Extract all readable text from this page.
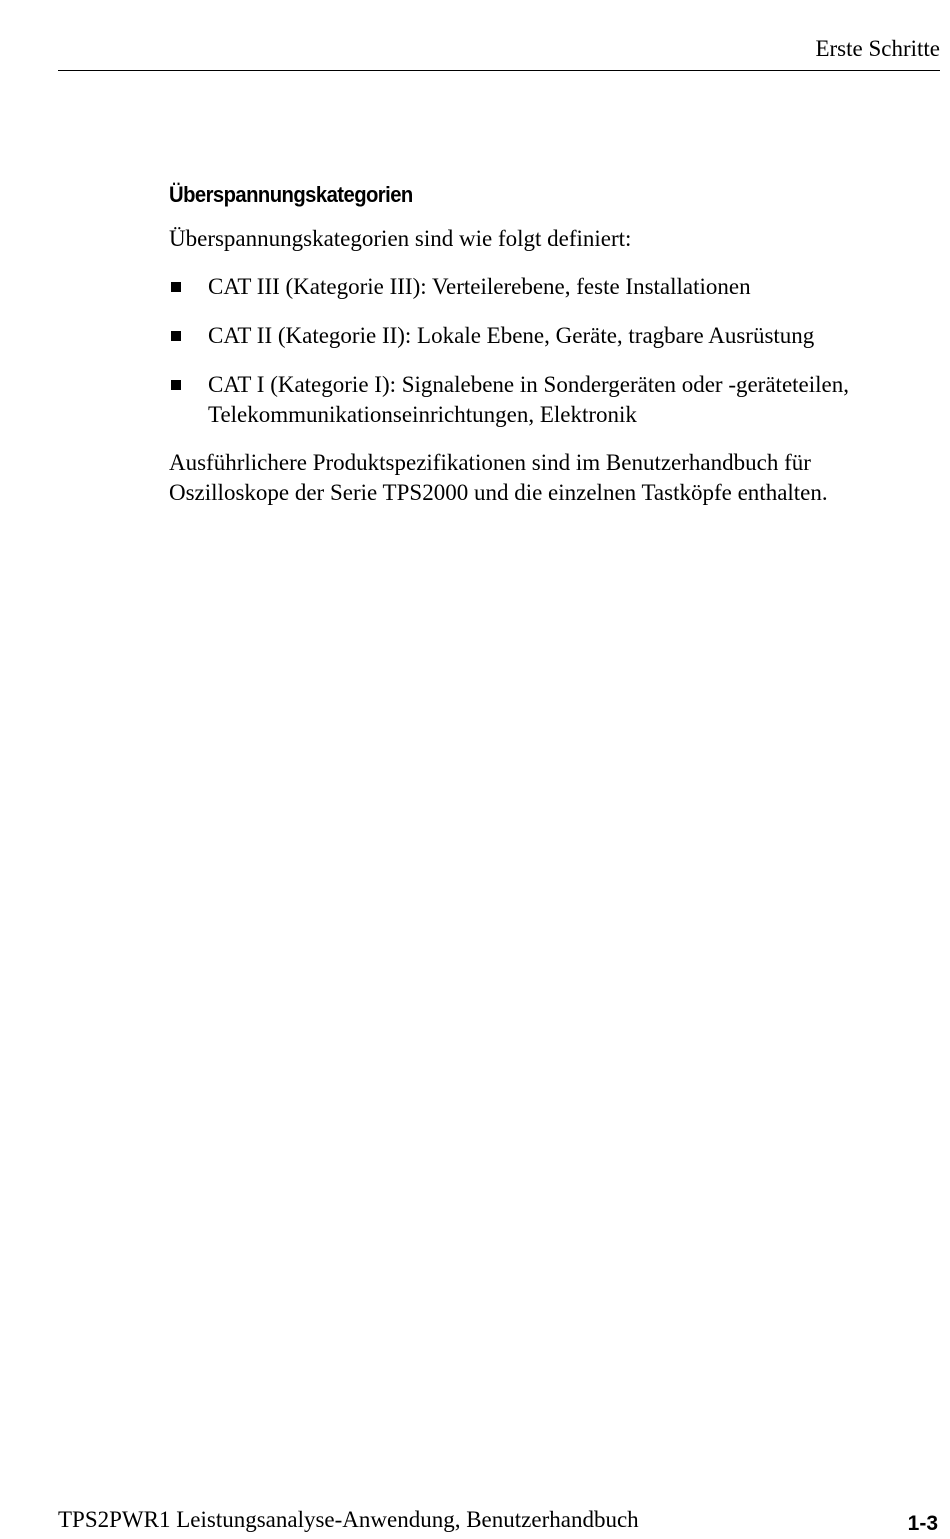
Erste Schritte
Überspannungskategorien

Überspannungskategorien sind wie folgt definiert:

CAT III (Kategorie III): Verteilerebene, feste Installationen
CAT II (Kategorie II): Lokale Ebene, Geräte, tragbare Ausrüstung
CAT I (Kategorie I): Signalebene in Sondergeräten oder -geräteteilen, Telekommunikationseinrichtungen, Elektronik

Ausführlichere Produktspezifikationen sind im Benutzerhandbuch für Oszilloskope der Serie TPS2000 und die einzelnen Tastköpfe enthalten.

TPS2PWR1 Leistungsanalyse-Anwendung, Benutzerhandbuch	1-3
